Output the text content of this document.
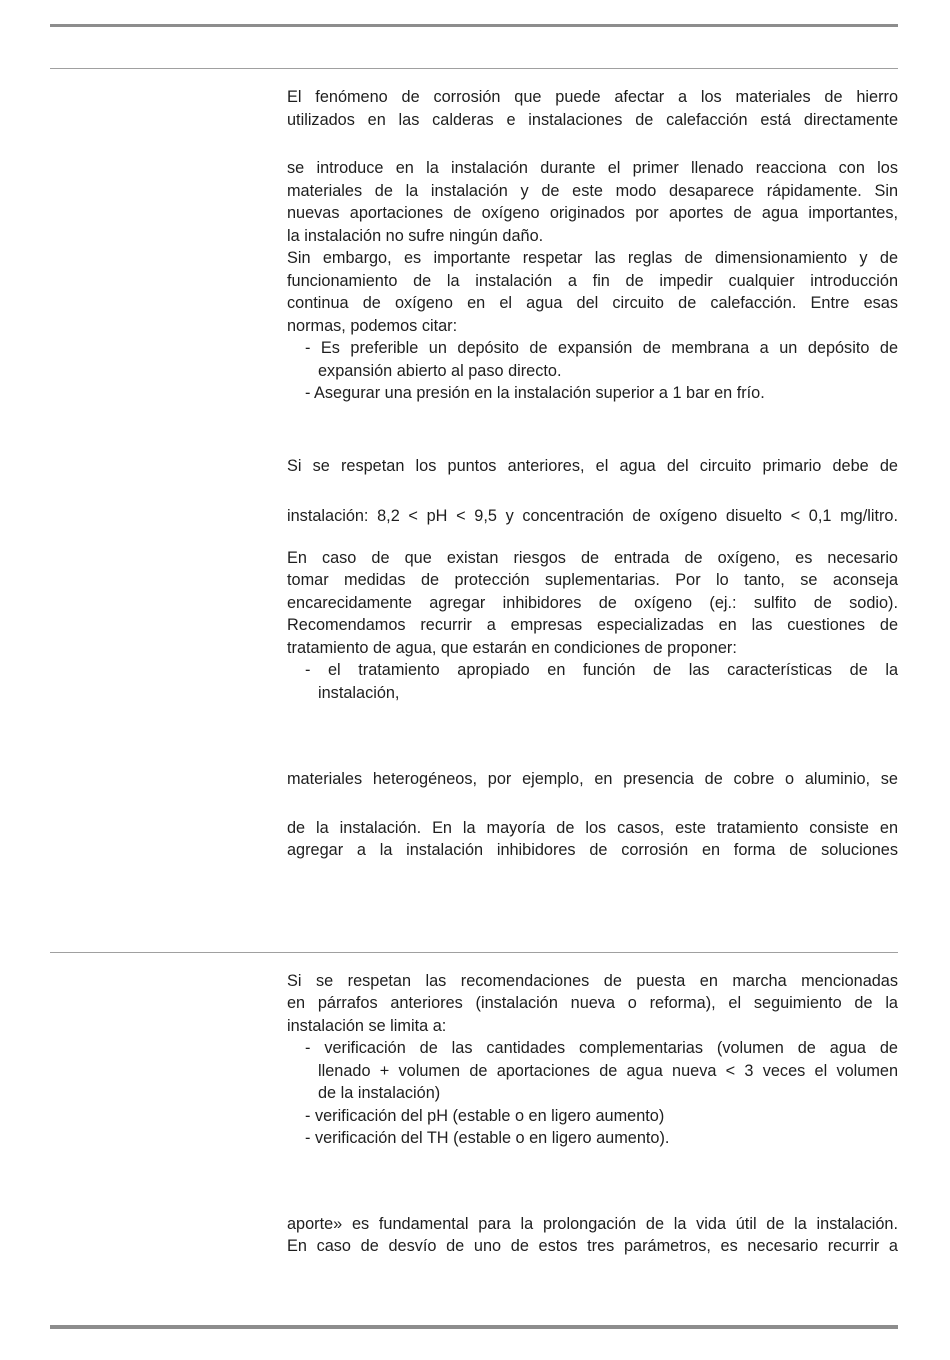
El fenómeno de corrosión que puede afectar a los materiales de hierro
utilizados en las calderas e instalaciones de calefacción está directamente
se introduce en la instalación durante el primer llenado reacciona con los
materiales de la instalación y de este modo desaparece rápidamente. Sin
nuevas aportaciones de oxígeno originados por aportes de agua importantes,
la instalación no sufre ningún daño.
Sin embargo, es importante respetar las reglas de dimensionamiento y de
funcionamiento de la instalación a fin de impedir cualquier introducción
continua de oxígeno en el agua del circuito de calefacción. Entre esas
normas, podemos citar:
- Es preferible un depósito de expansión de membrana a un depósito de
expansión abierto al paso directo.
- Asegurar una presión en la instalación superior a 1 bar en frío.
Si se respetan los puntos anteriores, el agua del circuito primario debe de
instalación: 8,2 < pH < 9,5 y concentración de oxígeno disuelto < 0,1 mg/litro.
En caso de que existan riesgos de entrada de oxígeno, es necesario
tomar medidas de protección suplementarias. Por lo tanto, se aconseja
encarecidamente agregar inhibidores de oxígeno (ej.: sulfito de sodio).
Recomendamos recurrir a empresas especializadas en las cuestiones de
tratamiento de agua, que estarán en condiciones de proponer:
- el tratamiento apropiado en función de las características de la
instalación,
materiales heterogéneos, por ejemplo, en presencia de cobre o aluminio, se
de la instalación. En la mayoría de los casos, este tratamiento consiste en
agregar a la instalación inhibidores de corrosión en forma de soluciones
Si se respetan las recomendaciones de puesta en marcha mencionadas
en párrafos anteriores (instalación nueva o reforma), el seguimiento de la
instalación se limita a:
- verificación de las cantidades complementarias (volumen de agua de
llenado + volumen de aportaciones de agua nueva < 3 veces el volumen
de la instalación)
- verificación del pH (estable o en ligero aumento)
- verificación del TH (estable o en ligero aumento).
aporte» es fundamental para la prolongación de la vida útil de la instalación.
En caso de desvío de uno de estos tres parámetros, es necesario recurrir a
